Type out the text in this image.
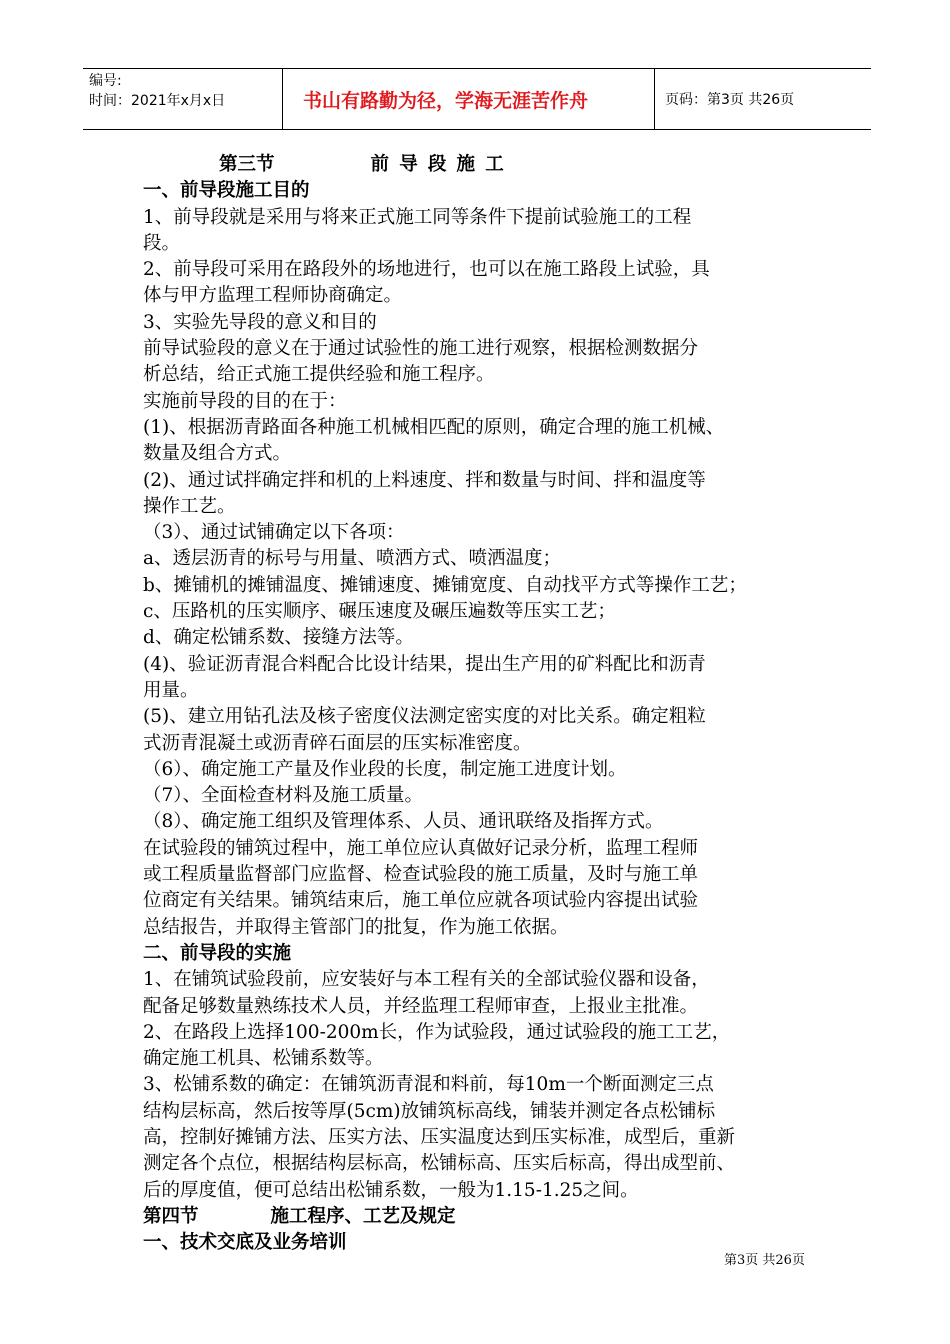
编号:
时间：2021年x月x日	书山有路勤为径，学海无涯苦作舟	页码：第3页 共26页
第三节	前导段施工
一、前导段施工目的
1、前导段就是采用与将来正式施工同等条件下提前试验施工的工程
段。
2、前导段可采用在路段外的场地进行，也可以在施工路段上试验，具
体与甲方监理工程师协商确定。
3、实验先导段的意义和目的
前导试验段的意义在于通过试验性的施工进行观察，根据检测数据分
析总结，给正式施工提供经验和施工程序。
实施前导段的目的在于：
(1)、根据沥青路面各种施工机械相匹配的原则，确定合理的施工机械、
数量及组合方式。
(2)、通过试拌确定拌和机的上料速度、拌和数量与时间、拌和温度等
操作工艺。
（3）、通过试铺确定以下各项：
a、透层沥青的标号与用量、喷洒方式、喷洒温度；
b、摊铺机的摊铺温度、摊铺速度、摊铺宽度、自动找平方式等操作工艺；
c、压路机的压实顺序、碾压速度及碾压遍数等压实工艺；
d、确定松铺系数、接缝方法等。
(4)、验证沥青混合料配合比设计结果，提出生产用的矿料配比和沥青
用量。
(5)、建立用钻孔法及核子密度仪法测定密实度的对比关系。确定粗粒
式沥青混凝土或沥青碎石面层的压实标准密度。
（6）、确定施工产量及作业段的长度，制定施工进度计划。
（7）、全面检查材料及施工质量。
（8）、确定施工组织及管理体系、人员、通讯联络及指挥方式。
在试验段的铺筑过程中，施工单位应认真做好记录分析，监理工程师
或工程质量监督部门应监督、检查试验段的施工质量，及时与施工单
位商定有关结果。铺筑结束后，施工单位应就各项试验内容提出试验
总结报告，并取得主管部门的批复，作为施工依据。
二、前导段的实施
1、在铺筑试验段前，应安装好与本工程有关的全部试验仪器和设备，
配备足够数量熟练技术人员，并经监理工程师审查，上报业主批准。
2、在路段上选择100-200m长，作为试验段，通过试验段的施工工艺，
确定施工机具、松铺系数等。
3、松铺系数的确定：在铺筑沥青混和料前，每10m一个断面测定三点
结构层标高，然后按等厚(5cm)放铺筑标高线，铺装并测定各点松铺标
高，控制好摊铺方法、压实方法、压实温度达到压实标准，成型后，重新
测定各个点位，根据结构层标高，松铺标高、压实后标高，得出成型前、
后的厚度值，便可总结出松铺系数，一般为1.15-1.25之间。
第四节	施工程序、工艺及规定
一、技术交底及业务培训
第3页 共26页
